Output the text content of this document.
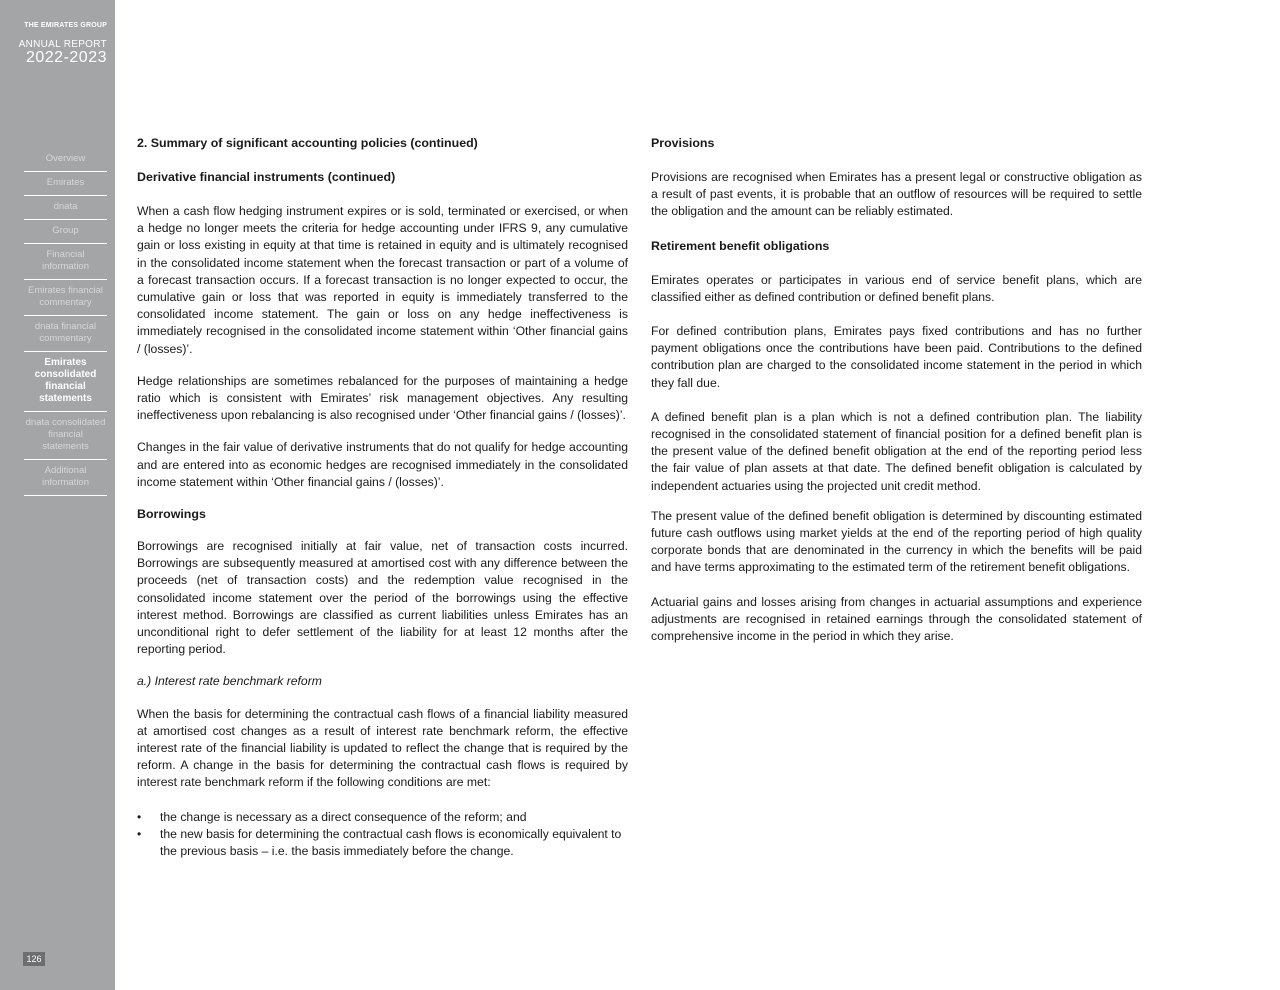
THE EMIRATES GROUP
ANNUAL REPORT
2022-2023
Overview
Emirates
dnata
Group
Financial information
Emirates financial commentary
dnata financial commentary
Emirates consolidated financial statements
dnata consolidated financial statements
Additional information
126
2. Summary of significant accounting policies (continued)
Derivative financial instruments (continued)

When a cash flow hedging instrument expires or is sold, terminated or exercised, or when a hedge no longer meets the criteria for hedge accounting under IFRS 9, any cumulative gain or loss existing in equity at that time is retained in equity and is ultimately recognised in the consolidated income statement when the forecast transaction or part of a volume of a forecast transaction occurs. If a forecast transaction is no longer expected to occur, the cumulative gain or loss that was reported in equity is immediately transferred to the consolidated income statement. The gain or loss on any hedge ineffectiveness is immediately recognised in the consolidated income statement within ‘Other financial gains / (losses)’.

Hedge relationships are sometimes rebalanced for the purposes of maintaining a hedge ratio which is consistent with Emirates’ risk management objectives. Any resulting ineffectiveness upon rebalancing is also recognised under ‘Other financial gains / (losses)’.

Changes in the fair value of derivative instruments that do not qualify for hedge accounting and are entered into as economic hedges are recognised immediately in the consolidated income statement within ‘Other financial gains / (losses)’.

Borrowings

Borrowings are recognised initially at fair value, net of transaction costs incurred. Borrowings are subsequently measured at amortised cost with any difference between the proceeds (net of transaction costs) and the redemption value recognised in the consolidated income statement over the period of the borrowings using the effective interest method. Borrowings are classified as current liabilities unless Emirates has an unconditional right to defer settlement of the liability for at least 12 months after the reporting period.

a.) Interest rate benchmark reform

When the basis for determining the contractual cash flows of a financial liability measured at amortised cost changes as a result of interest rate benchmark reform, the effective interest rate of the financial liability is updated to reflect the change that is required by the reform. A change in the basis for determining the contractual cash flows is required by interest rate benchmark reform if the following conditions are met:

• the change is necessary as a direct consequence of the reform; and
• the new basis for determining the contractual cash flows is economically equivalent to the previous basis – i.e. the basis immediately before the change.
Provisions

Provisions are recognised when Emirates has a present legal or constructive obligation as a result of past events, it is probable that an outflow of resources will be required to settle the obligation and the amount can be reliably estimated.

Retirement benefit obligations

Emirates operates or participates in various end of service benefit plans, which are classified either as defined contribution or defined benefit plans.

For defined contribution plans, Emirates pays fixed contributions and has no further payment obligations once the contributions have been paid. Contributions to the defined contribution plan are charged to the consolidated income statement in the period in which they fall due.

A defined benefit plan is a plan which is not a defined contribution plan. The liability recognised in the consolidated statement of financial position for a defined benefit plan is the present value of the defined benefit obligation at the end of the reporting period less the fair value of plan assets at that date. The defined benefit obligation is calculated by independent actuaries using the projected unit credit method.

The present value of the defined benefit obligation is determined by discounting estimated future cash outflows using market yields at the end of the reporting period of high quality corporate bonds that are denominated in the currency in which the benefits will be paid and have terms approximating to the estimated term of the retirement benefit obligations.

Actuarial gains and losses arising from changes in actuarial assumptions and experience adjustments are recognised in retained earnings through the consolidated statement of comprehensive income in the period in which they arise.
